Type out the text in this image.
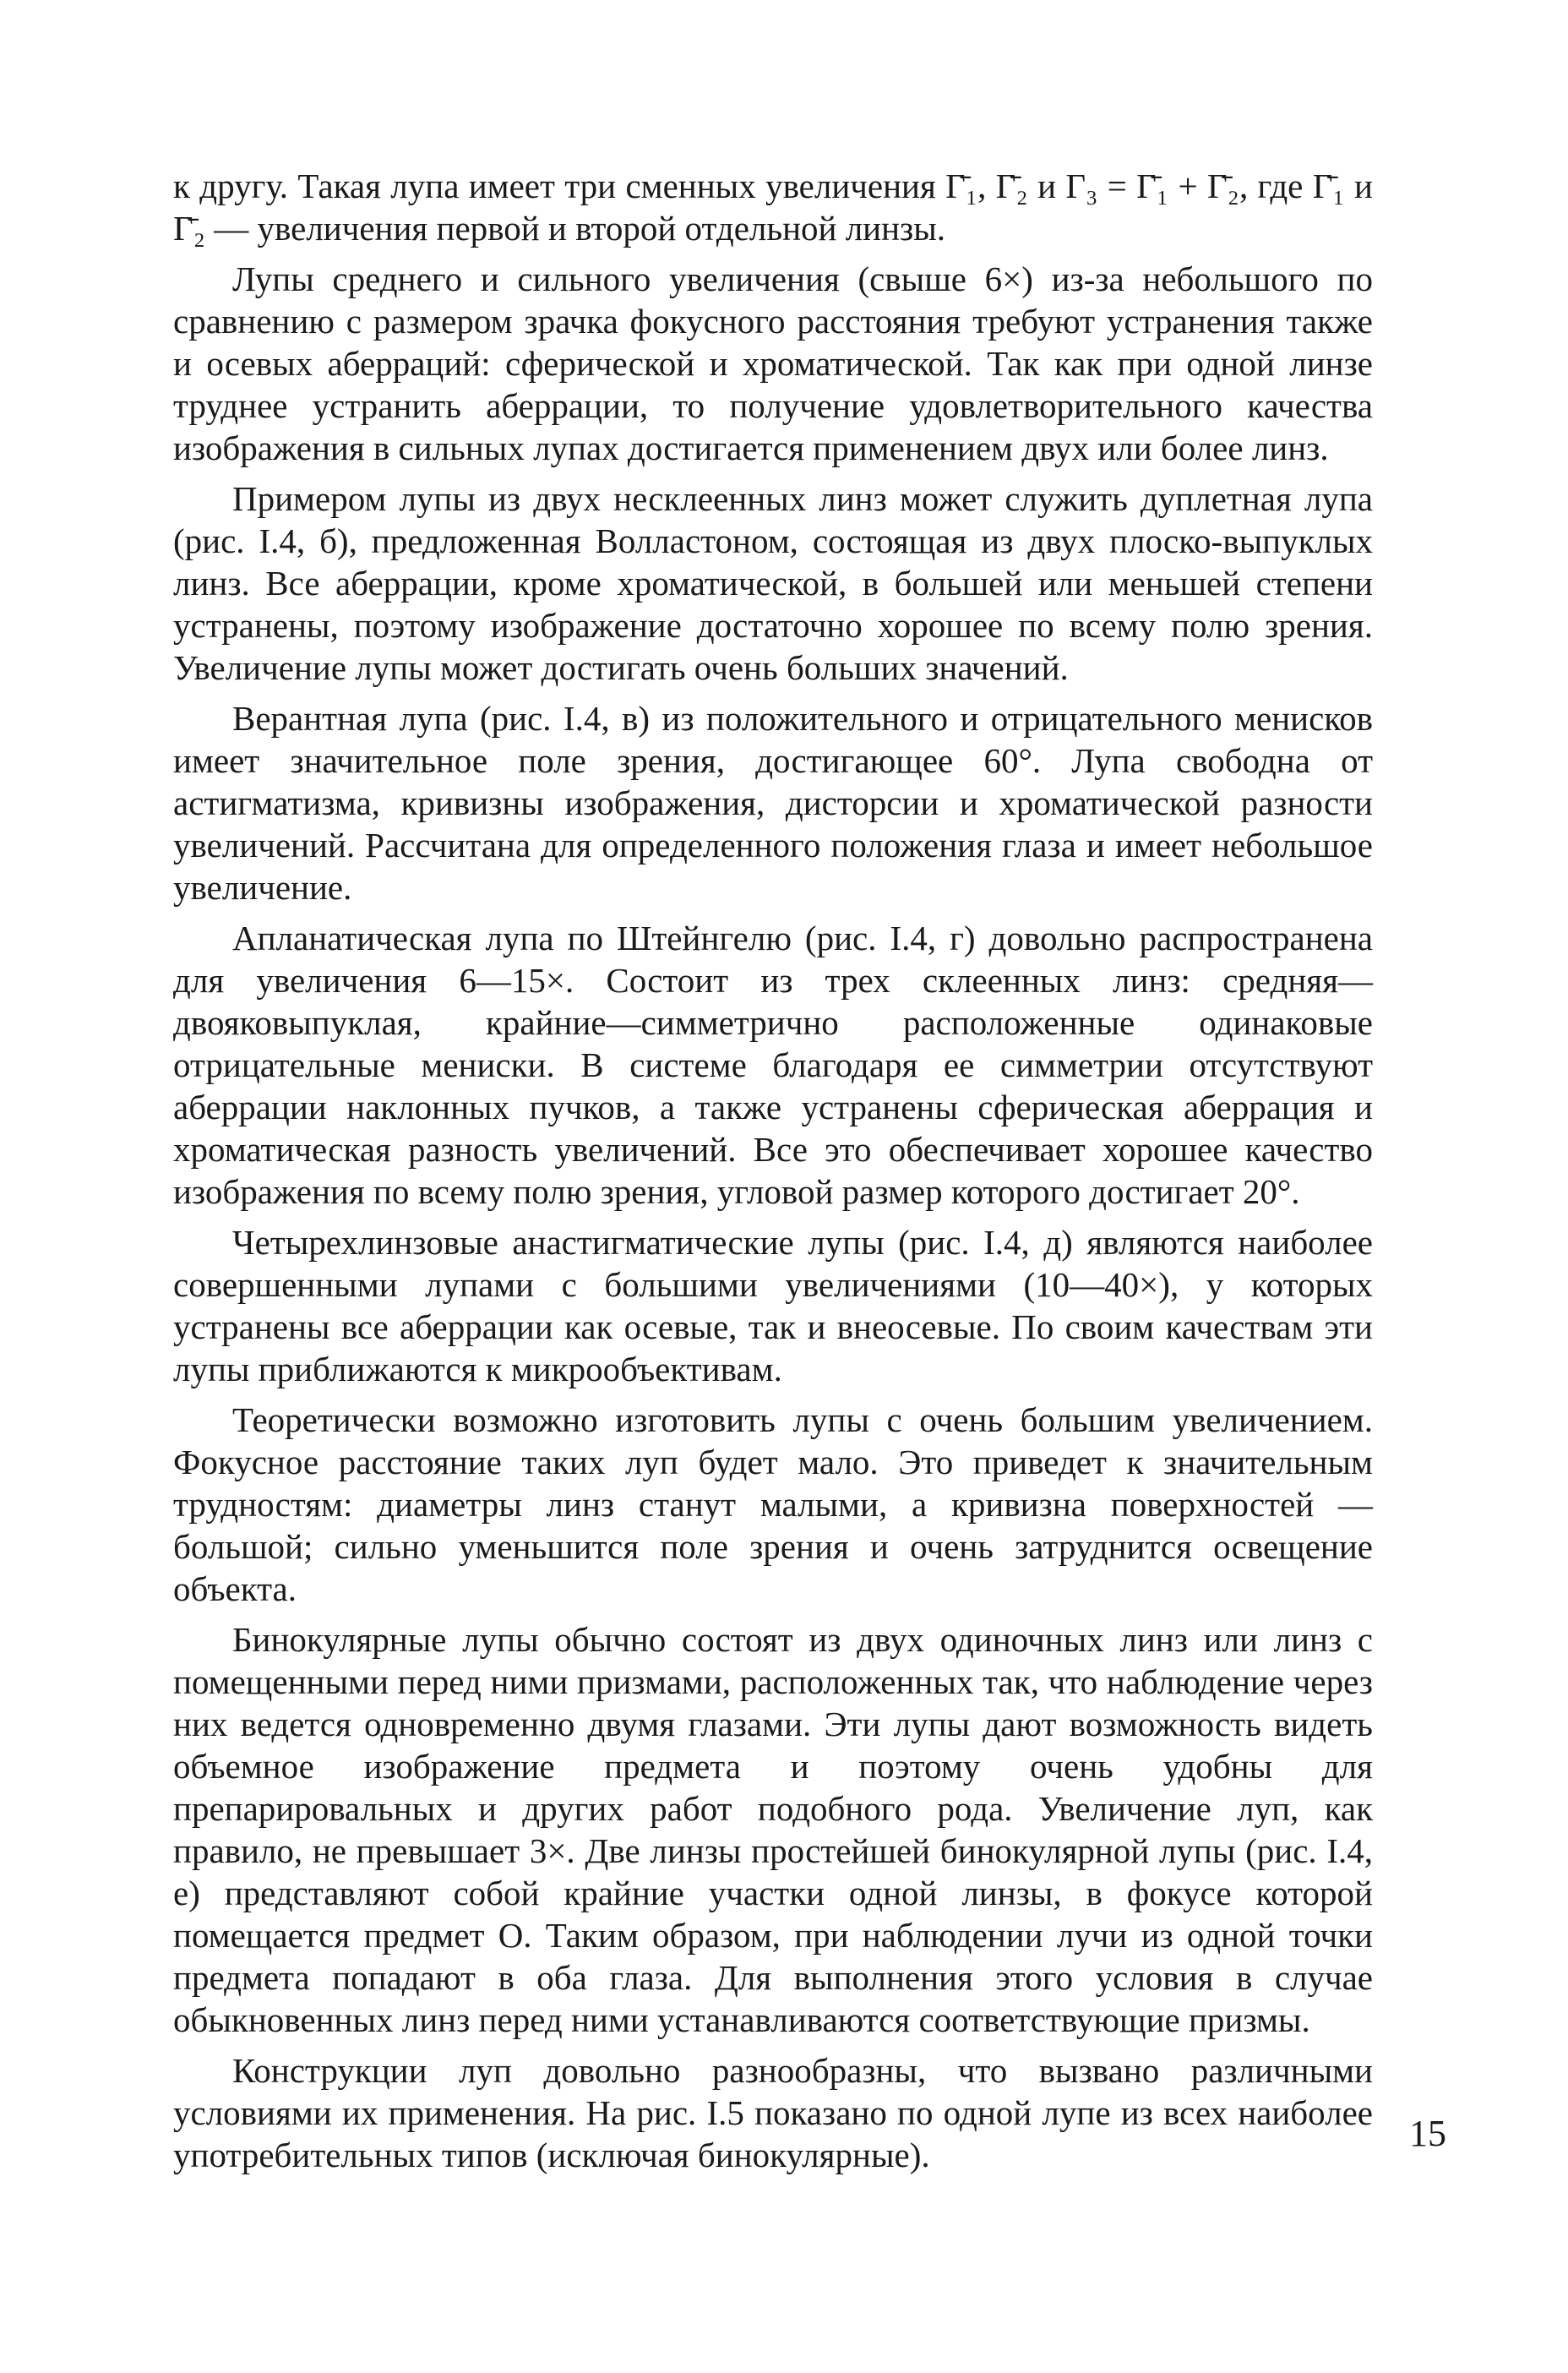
к другу. Такая лупа имеет три сменных увеличения Γ̄₁, Γ̄₂ и Γ₃ = Γ̄₁ + Γ̄₂, где Γ̄₁ и Γ̄₂ — увеличения первой и второй отдельной линзы.

Лупы среднего и сильного увеличения (свыше 6×) из-за небольшого по сравнению с размером зрачка фокусного расстояния требуют устранения также и осевых аберраций: сферической и хроматической. Так как при одной линзе труднее устранить аберрации, то получение удовлетворительного качества изображения в сильных лупах достигается применением двух или более линз.

Примером лупы из двух несклеенных линз может служить дуплетная лупа (рис. I.4, б), предложенная Волластоном, состоящая из двух плоско-выпуклых линз. Все аберрации, кроме хроматической, в большей или меньшей степени устранены, поэтому изображение достаточно хорошее по всему полю зрения. Увеличение лупы может достигать очень больших значений.

Верантная лупа (рис. I.4, в) из положительного и отрицательного менисков имеет значительное поле зрения, достигающее 60°. Лупа свободна от астигматизма, кривизны изображения, дисторсии и хроматической разности увеличений. Рассчитана для определенного положения глаза и имеет небольшое увеличение.

Апланатическая лупа по Штейнгелю (рис. I.4, г) довольно распространена для увеличения 6—15×. Состоит из трех склеенных линз: средняя—двояковыпуклая, крайние—симметрично расположенные одинаковые отрицательные мениски. В системе благодаря ее симметрии отсутствуют аберрации наклонных пучков, а также устранены сферическая аберрация и хроматическая разность увеличений. Все это обеспечивает хорошее качество изображения по всему полю зрения, угловой размер которого достигает 20°.

Четырехлинзовые анастигматические лупы (рис. I.4, д) являются наиболее совершенными лупами с большими увеличениями (10—40×), у которых устранены все аберрации как осевые, так и внеосевые. По своим качествам эти лупы приближаются к микрообъективам.

Теоретически возможно изготовить лупы с очень большим увеличением. Фокусное расстояние таких луп будет мало. Это приведет к значительным трудностям: диаметры линз станут малыми, а кривизна поверхностей — большой; сильно уменьшится поле зрения и очень затруднится освещение объекта.

Бинокулярные лупы обычно состоят из двух одиночных линз или линз с помещенными перед ними призмами, расположенных так, что наблюдение через них ведется одновременно двумя глазами. Эти лупы дают возможность видеть объемное изображение предмета и поэтому очень удобны для препарировальных и других работ подобного рода. Увеличение луп, как правило, не превышает 3×. Две линзы простейшей бинокулярной лупы (рис. I.4, е) представляют собой крайние участки одной линзы, в фокусе которой помещается предмет O. Таким образом, при наблюдении лучи из одной точки предмета попадают в оба глаза. Для выполнения этого условия в случае обыкновенных линз перед ними устанавливаются соответствующие призмы.

Конструкции луп довольно разнообразны, что вызвано различными условиями их применения. На рис. I.5 показано по одной лупе из всех наиболее употребительных типов (исключая бинокулярные).

15
